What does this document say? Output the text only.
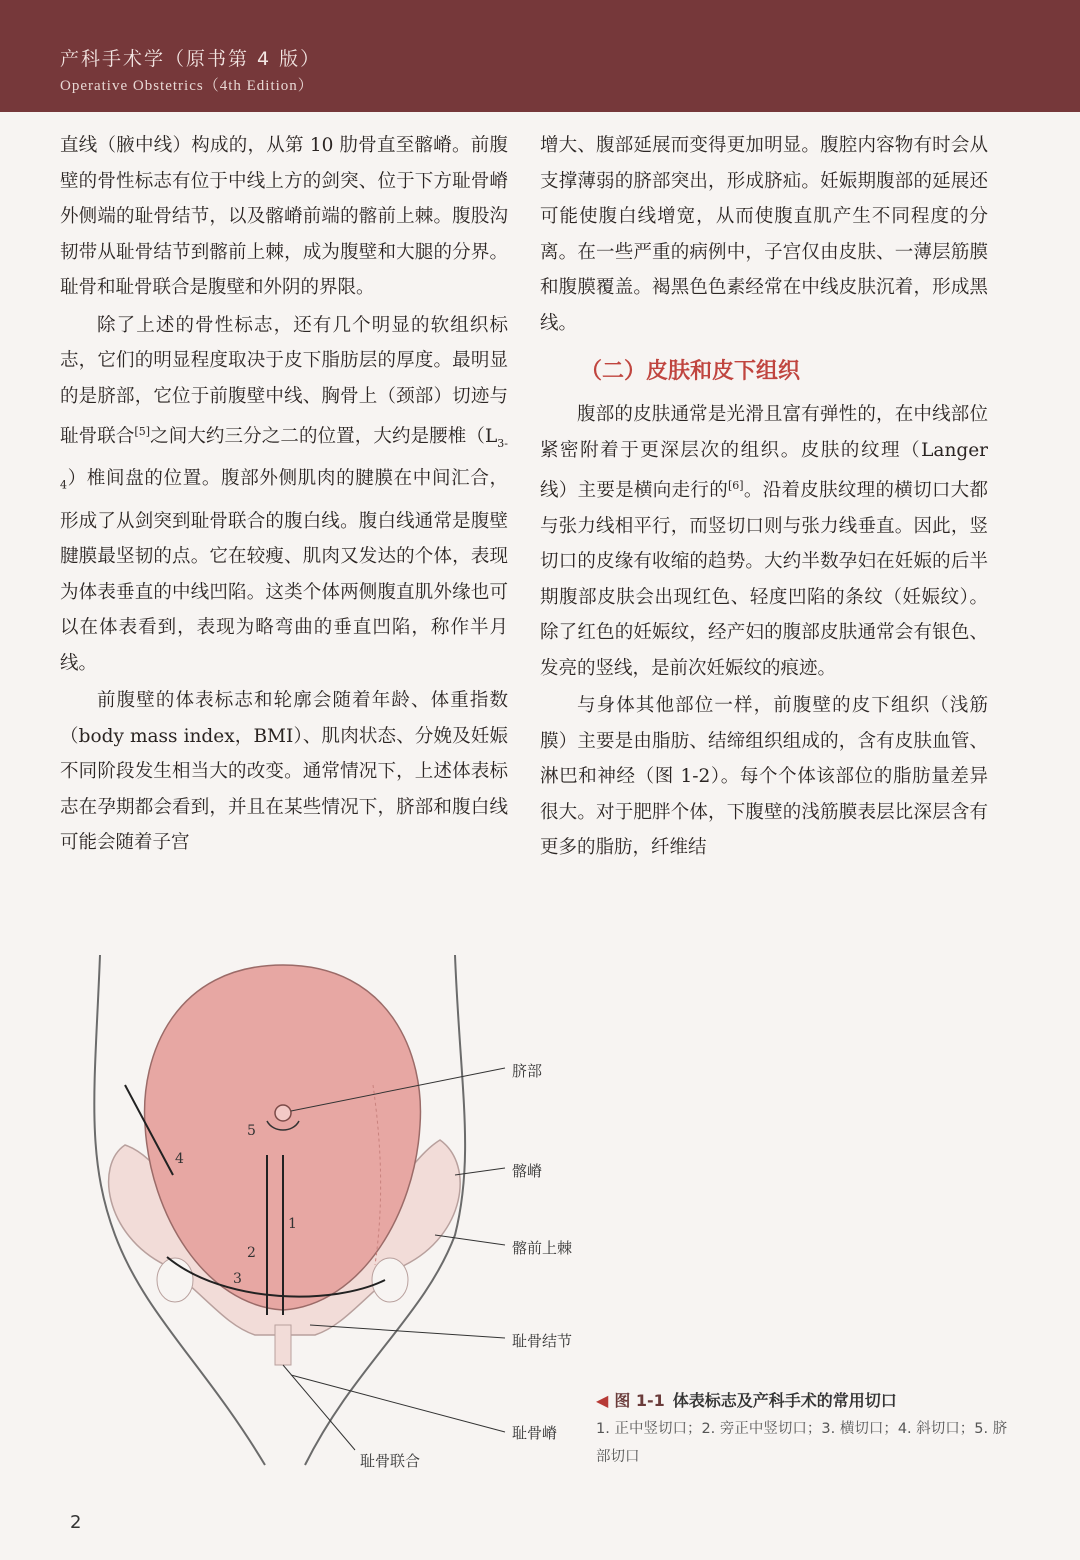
产科手术学（原书第 4 版）
Operative Obstetrics（4th Edition）

直线（腋中线）构成的，从第 10 肋骨直至髂嵴。前腹壁的骨性标志有位于中线上方的剑突、位于下方耻骨嵴外侧端的耻骨结节，以及髂嵴前端的髂前上棘。腹股沟韧带从耻骨结节到髂前上棘，成为腹壁和大腿的分界。耻骨和耻骨联合是腹壁和外阴的界限。

除了上述的骨性标志，还有几个明显的软组织标志，它们的明显程度取决于皮下脂肪层的厚度。最明显的是脐部，它位于前腹壁中线、胸骨上（颈部）切迹与耻骨联合[5]之间大约三分之二的位置，大约是腰椎$(L_{3-4})$椎间盘的位置。腹部外侧肌肉的腱膜在中间汇合，形成了从剑突到耻骨联合的腹白线。腹白线通常是腹壁腱膜最坚韧的点。它在较瘦、肌肉又发达的个体，表现为体表垂直的中线凹陷。这类个体两侧腹直肌外缘也可以在体表看到，表现为略弯曲的垂直凹陷，称作半月线。

前腹壁的体表标志和轮廓会随着年龄、体重指数（body mass index，BMI）、肌肉状态、分娩及妊娠不同阶段发生相当大的改变。通常情况下，上述体表标志在孕期都会看到，并且在某些情况下，脐部和腹白线可能会随着子宫

增大、腹部延展而变得更加明显。腹腔内容物有时会从支撑薄弱的脐部突出，形成脐疝。妊娠期腹部的延展还可能使腹白线增宽，从而使腹直肌产生不同程度的分离。在一些严重的病例中，子宫仅由皮肤、一薄层筋膜和腹膜覆盖。褐黑色色素经常在中线皮肤沉着，形成黑线。

（二）皮肤和皮下组织

腹部的皮肤通常是光滑且富有弹性的，在中线部位紧密附着于更深层次的组织。皮肤的纹理（Langer 线）主要是横向走行的[6]。沿着皮肤纹理的横切口大都与张力线相平行，而竖切口则与张力线垂直。因此，竖切口的皮缘有收缩的趋势。大约半数孕妇在妊娠的后半期腹部皮肤会出现红色、轻度凹陷的条纹（妊娠纹）。除了红色的妊娠纹，经产妇的腹部皮肤通常会有银色、发亮的竖线，是前次妊娠纹的痕迹。

与身体其他部位一样，前腹壁的皮下组织（浅筋膜）主要是由脂肪、结缔组织组成的，含有皮肤血管、淋巴和神经（图 1-2）。每个个体该部位的脂肪量差异很大。对于肥胖个体，下腹壁的浅筋膜表层比深层含有更多的脂肪，纤维结

1
2
3
4
5
脐部
髂嵴
髂前上棘
耻骨结节
耻骨嵴
耻骨联合
◀ 图 1-1 体表标志及产科手术的常用切口
1. 正中竖切口；2. 旁正中竖切口；3. 横切口；4. 斜切口；5. 脐部切口
2
